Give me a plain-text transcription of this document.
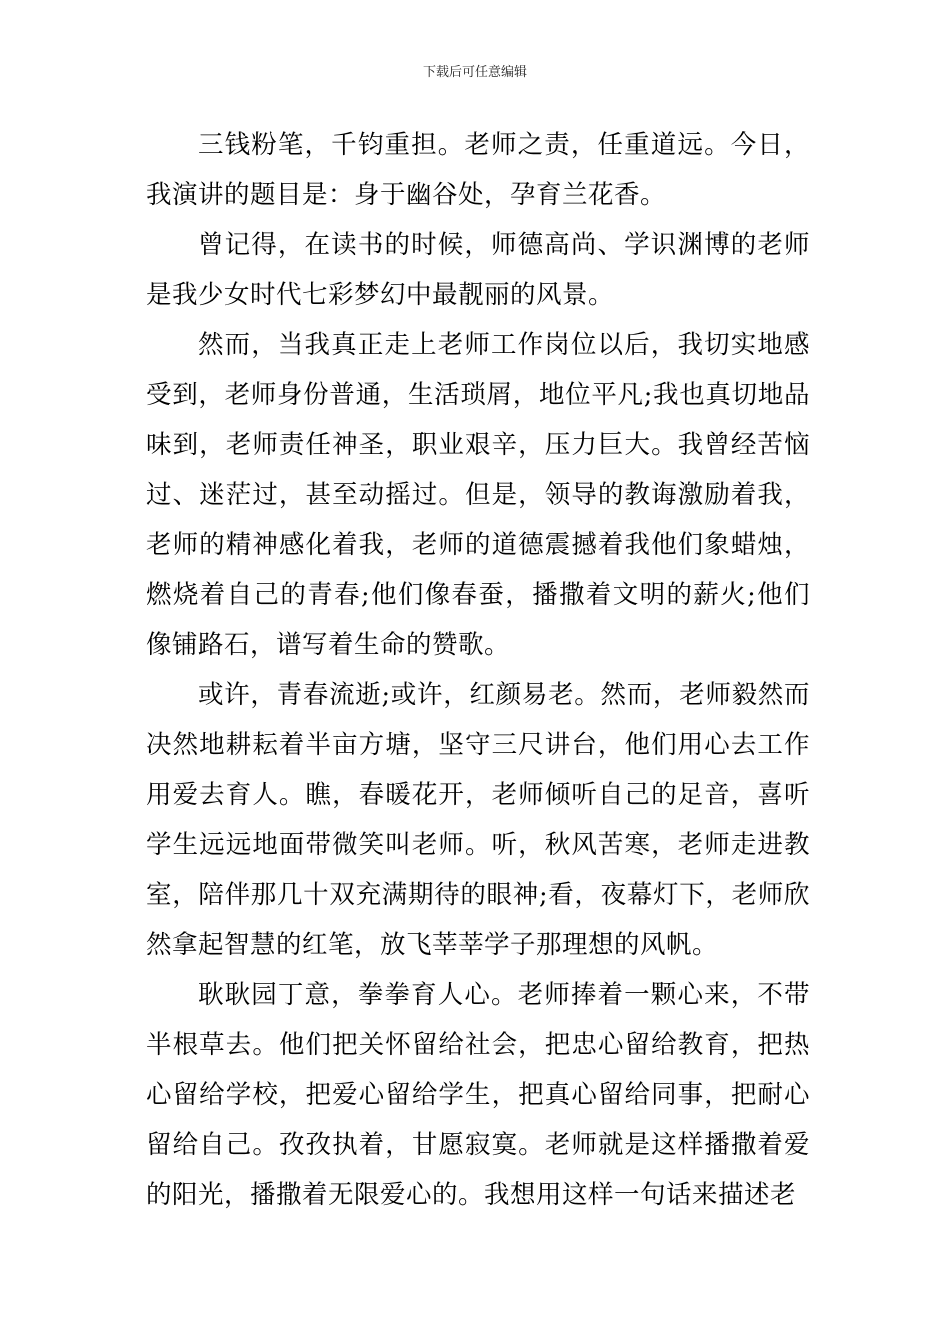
下载后可任意编辑

三钱粉笔，千钧重担。老师之责，任重道远。今日，我演讲的题目是：身于幽谷处，孕育兰花香。

曾记得，在读书的时候，师德高尚、学识渊博的老师是我少女时代七彩梦幻中最靓丽的风景。

然而，当我真正走上老师工作岗位以后，我切实地感受到，老师身份普通，生活琐屑，地位平凡;我也真切地品味到，老师责任神圣，职业艰辛，压力巨大。我曾经苦恼过、迷茫过，甚至动摇过。但是，领导的教诲激励着我，老师的精神感化着我，老师的道德震撼着我他们象蜡烛，燃烧着自己的青春;他们像春蚕，播撒着文明的薪火;他们像铺路石，谱写着生命的赞歌。

或许，青春流逝;或许，红颜易老。然而，老师毅然而决然地耕耘着半亩方塘，坚守三尺讲台，他们用心去工作用爱去育人。瞧，春暖花开，老师倾听自己的足音，喜听学生远远地面带微笑叫老师。听，秋风苦寒，老师走进教室，陪伴那几十双充满期待的眼神;看，夜幕灯下，老师欣然拿起智慧的红笔，放飞莘莘学子那理想的风帆。

耿耿园丁意，拳拳育人心。老师捧着一颗心来，不带半根草去。他们把关怀留给社会，把忠心留给教育，把热心留给学校，把爱心留给学生，把真心留给同事，把耐心留给自己。孜孜执着，甘愿寂寞。老师就是这样播撒着爱的阳光，播撒着无限爱心的。我想用这样一句话来描述老
